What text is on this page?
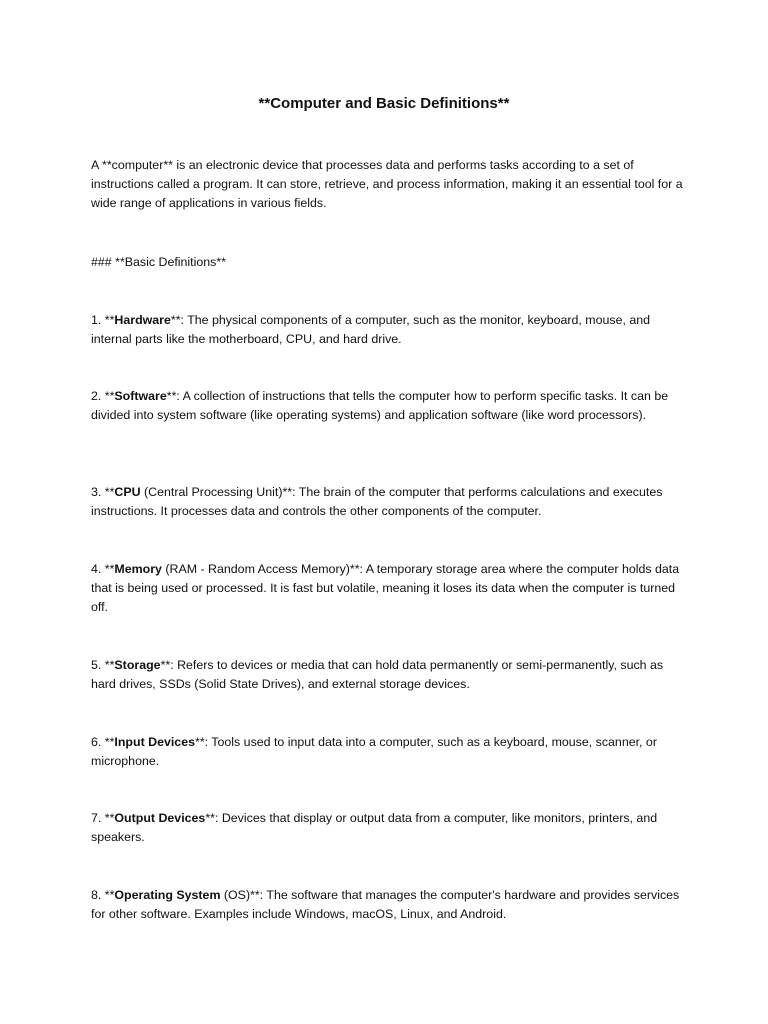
**Computer and Basic Definitions**

A **computer** is an electronic device that processes data and performs tasks according to a set of instructions called a program. It can store, retrieve, and process information, making it an essential tool for a wide range of applications in various fields.

### **Basic Definitions**

1. **Hardware**: The physical components of a computer, such as the monitor, keyboard, mouse, and internal parts like the motherboard, CPU, and hard drive.

2. **Software**: A collection of instructions that tells the computer how to perform specific tasks. It can be divided into system software (like operating systems) and application software (like word processors).

3. **CPU (Central Processing Unit)**: The brain of the computer that performs calculations and executes instructions. It processes data and controls the other components of the computer.

4. **Memory (RAM - Random Access Memory)**: A temporary storage area where the computer holds data that is being used or processed. It is fast but volatile, meaning it loses its data when the computer is turned off.

5. **Storage**: Refers to devices or media that can hold data permanently or semi-permanently, such as hard drives, SSDs (Solid State Drives), and external storage devices.

6. **Input Devices**: Tools used to input data into a computer, such as a keyboard, mouse, scanner, or microphone.

7. **Output Devices**: Devices that display or output data from a computer, like monitors, printers, and speakers.

8. **Operating System (OS)**: The software that manages the computer's hardware and provides services for other software. Examples include Windows, macOS, Linux, and Android.
